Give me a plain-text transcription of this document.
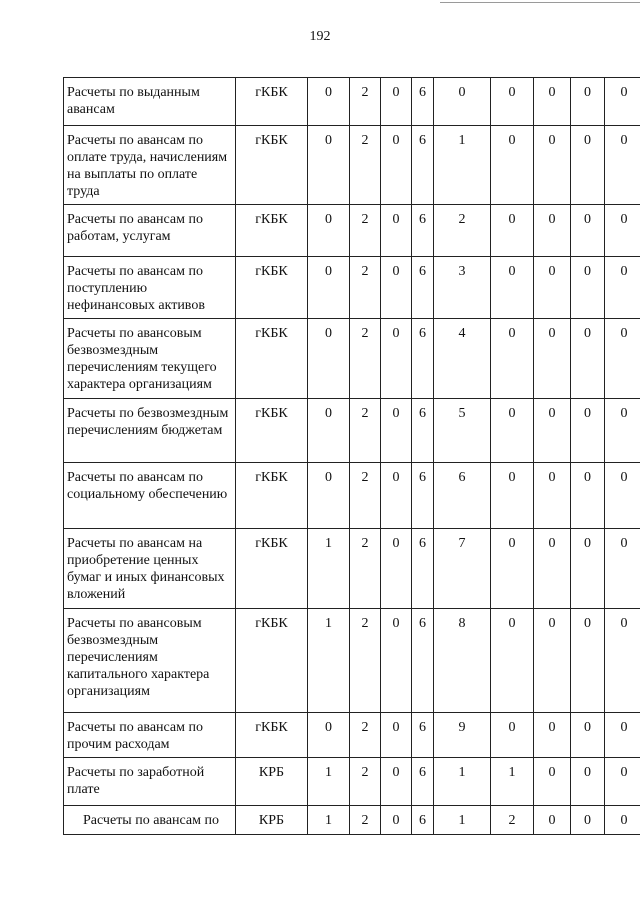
192
Расчеты по выданным авансам	гКБК	0	2	0	6	0	0	0	0	0
Расчеты по авансам по оплате труда, начислениям на выплаты по оплате труда	гКБК	0	2	0	6	1	0	0	0	0
Расчеты по авансам по работам, услугам	гКБК	0	2	0	6	2	0	0	0	0
Расчеты по авансам по поступлению нефинансовых активов	гКБК	0	2	0	6	3	0	0	0	0
Расчеты по авансовым безвозмездным перечислениям текущего характера организациям	гКБК	0	2	0	6	4	0	0	0	0
Расчеты по безвозмездным перечислениям бюджетам	гКБК	0	2	0	6	5	0	0	0	0
Расчеты по авансам по социальному обеспечению	гКБК	0	2	0	6	6	0	0	0	0
Расчеты по авансам на приобретение ценных бумаг и иных финансовых вложений	гКБК	1	2	0	6	7	0	0	0	0
Расчеты по авансовым безвозмездным перечислениям капитального характера организациям	гКБК	1	2	0	6	8	0	0	0	0
Расчеты по авансам по прочим расходам	гКБК	0	2	0	6	9	0	0	0	0
Расчеты по заработной плате	КРБ	1	2	0	6	1	1	0	0	0
Расчеты по авансам по	КРБ	1	2	0	6	1	2	0	0	0
